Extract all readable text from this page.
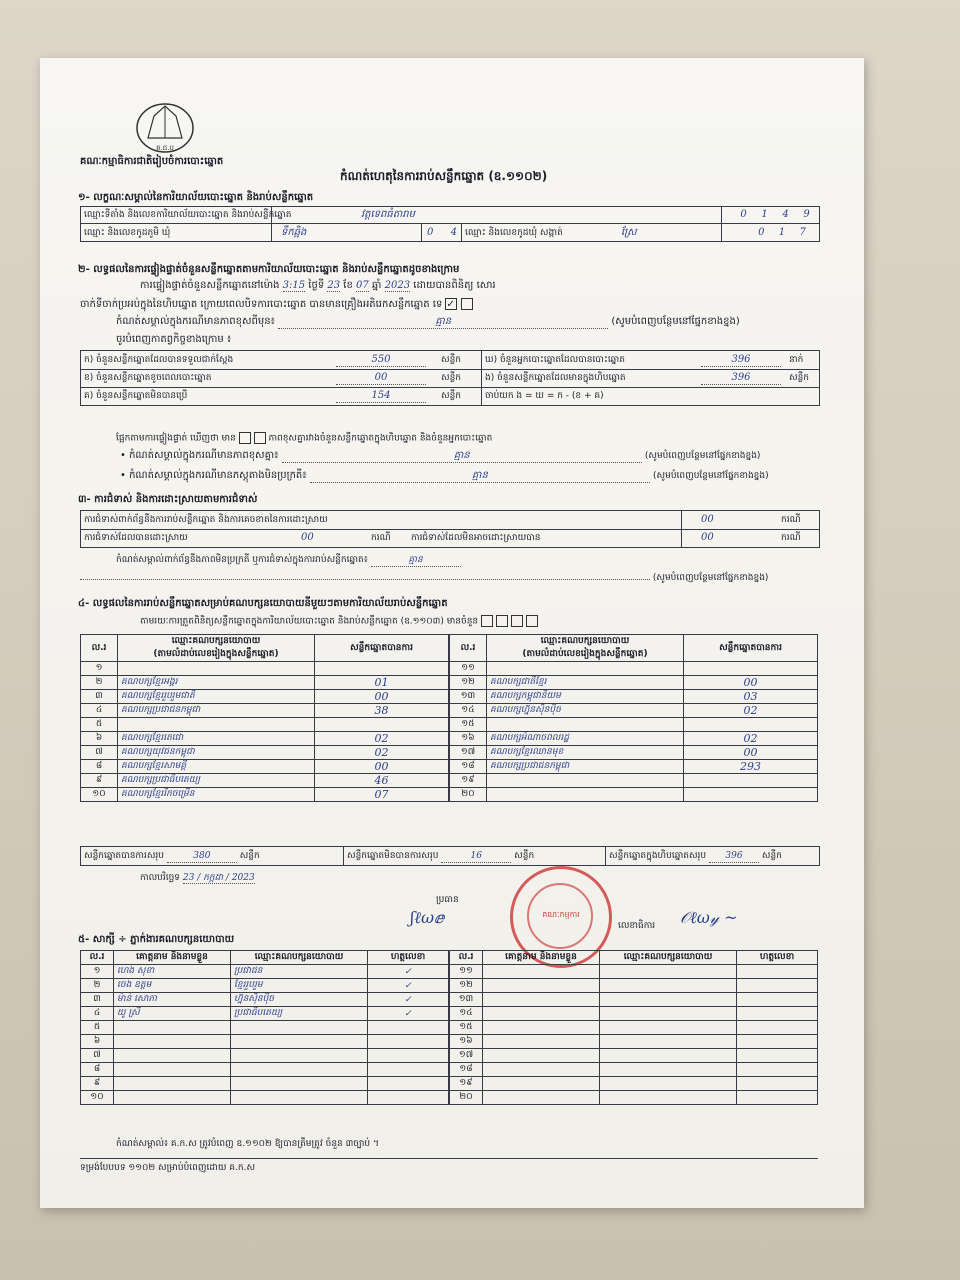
គ.ជ.ប
គណៈកម្មាធិការជាតិរៀបចំការបោះឆ្នោត
កំណត់ហេតុនៃការរាប់សន្លឹកឆ្នោត (ឧ.១១០២)
១- លក្ខណៈសម្គាល់នៃការិយាល័យបោះឆ្នោត និងរាប់សន្លឹកឆ្នោត
ឈ្មោះទីតាំង និងលេខការិយាល័យបោះឆ្នោត និងរាប់សន្លឹកឆ្នោត	វត្តទេពធំតារាម	0 1 4 9
ឈ្មោះ និងលេខកូដភូមិ ឃុំ	ទឹកឆ្អិង	0 4 ឈ្មោះ និងលេខកូដឃុំ សង្កាត់	ស្រែ	0 1 7
២- លទ្ធផលនៃការផ្ទៀងផ្ទាត់ចំនួនសន្លឹកឆ្នោតតាមការិយាល័យបោះឆ្នោត និងរាប់សន្លឹកឆ្នោតដូចខាងក្រោម
ការផ្ទៀងផ្ទាត់ចំនួនសន្លឹកឆ្នោតនៅម៉ោង 3:15 ថ្ងៃទី 23 ខែ 07 ឆ្នាំ 2023 ដោយបានពិនិត្យ សោរ
ចាក់ទីចាក់ប្រអប់ក្នុងនៃហិបឆ្នោត ក្រោយពេលបិទការបោះឆ្នោត បានមានគ្រឿងអតិរេកសន្លឹកឆ្នោត ទេ ✓
កំណត់សម្គាល់ក្នុងករណីមានភាពខុសពីមុន៖	គ្មាន	(សូមបំពេញបន្ថែមនៅផ្នែកខាងខ្នង)
ចូរបំពេញកាតព្វកិច្ចខាងក្រោម ៖
ក) ចំនួនសន្លឹកឆ្នោតដែលបានទទួលជាក់ស្តែង	550	សន្លឹក	ឃ) ចំនួនអ្នកបោះឆ្នោតដែលបានបោះឆ្នោត	396	នាក់
ខ) ចំនួនសន្លឹកឆ្នោតខូចពេលបោះឆ្នោត	00	សន្លឹក	ង) ចំនួនសន្លឹកឆ្នោតដែលមានក្នុងហិបឆ្នោត	396	សន្លឹក
គ) ចំនួនសន្លឹកឆ្នោតមិនបានប្រើ	154	សន្លឹក	ចាប់យក ង = ឃ = ក - (ខ + គ)
ផ្អែកតាមការផ្ទៀងផ្ទាត់ ឃើញថា មាន	ភាពខុសគ្នារវាងចំនួនសន្លឹកឆ្នោតក្នុងហិបឆ្នោត និងចំនួនអ្នកបោះឆ្នោត
• កំណត់សម្គាល់ក្នុងករណីមានភាពខុសគ្នា៖	គ្មាន	(សូមបំពេញបន្ថែមនៅផ្នែកខាងខ្នង)
• កំណត់សម្គាល់ក្នុងករណីមានភស្តុតាងមិនប្រក្រតី៖	គ្មាន	(សូមបំពេញបន្ថែមនៅផ្នែកខាងខ្នង)
៣- ការជំទាស់ និងការដោះស្រាយតាមការជំទាស់
ការជំទាស់ពាក់ព័ន្ធនឹងការរាប់សន្លឹកឆ្នោត និងការគេចខាតនៃការដោះស្រាយ	00	ករណី
ការជំទាស់ដែលបានដោះស្រាយ	00	ករណី ការជំទាស់ដែលមិនអាចដោះស្រាយបាន	00	ករណី
កំណត់សម្គាល់ពាក់ព័ន្ធនឹងភាពមិនប្រក្រតី ឬការជំទាស់ក្នុងការរាប់សន្លឹកឆ្នោត៖	គ្មាន
(សូមបំពេញបន្ថែមនៅផ្នែកខាងខ្នង)
៤- លទ្ធផលនៃការរាប់សន្លឹកឆ្នោតសម្រាប់គណបក្សនយោបាយនីមួយៗតាមការិយាល័យរាប់សន្លឹកឆ្នោត
តាមរយៈការត្រួតពិនិត្យសន្លឹកឆ្នោតក្នុងការិយាល័យបោះឆ្នោត និងរាប់សន្លឹកឆ្នោត (ឧ.១១០៣) មានចំនួន
ល.រ	ឈ្មោះគណបក្សនយោបាយ
(តាមលំដាប់លេខរៀងក្នុងសន្លឹកឆ្នោត)	សន្លឹកឆ្នោតបានការ
១		
២	គណបក្សខ្មែរអង្គរ	01
៣	គណបក្សខ្មែររួបរួមជាតិ	00
៤	គណបក្សប្រជាជនកម្ពុជា	38
៥		
៦	គណបក្សខ្មែរតេជោ	02
៧	គណបក្សយុវជនកម្ពុជា	02
៨	គណបក្សខ្មែរសាមគ្គី	00
៩	គណបក្សប្រជាធិបតេយ្យ	46
១០	គណបក្សខ្មែររីកចម្រើន	07
ល.រ	ឈ្មោះគណបក្សនយោបាយ
(តាមលំដាប់លេខរៀងក្នុងសន្លឹកឆ្នោត)	សន្លឹកឆ្នោតបានការ
១១		
១២	គណបក្សជាតិខ្មែរ	00
១៣	គណបក្សកម្ពុជានិយម	03
១៤	គណបក្សហ្វ៊ុនស៊ិនប៉ិច	02
១៥		
១៦	គណបក្សអំណាចពលរដ្ឋ	02
១៧	គណបក្សខ្មែរឈានមុខ	00
១៨	គណបក្សប្រជាជនកម្ពុជា	293
១៩		
២០		
សន្លឹកឆ្នោតបានការសរុប	380	សន្លឹក	សន្លឹកឆ្នោតមិនបានការសរុប	16	សន្លឹក	សន្លឹកឆ្នោតក្នុងហិបឆ្នោតសរុប 396 សន្លឹក
កាលបរិច្ឆេទ 23 / កក្កដា / 2023
ប្រធាន
ʃℓωⅇ	លេខាធិការ 𝒪ℓω𝓎 ~
គណៈកម្មការ
៥- សាក្សី ÷ ភ្នាក់ងារគណបក្សនយោបាយ
ល.រ	គោត្តនាម និងនាមខ្លួន	ឈ្មោះគណបក្សនយោបាយ	ហត្ថលេខា
១	ហេង សុខា	ប្រជាជន	✓
២	ចេង ឧត្តម	ខ្មែររួបរួម	✓
៣	ម៉ាន់ សោភា	ហ្វ៊ុនស៊ិនប៉ិច	✓
៤	យូ ស្រី	ប្រជាធិបតេយ្យ	✓
៥			
៦			
៧			
៨			
៩			
១០			
ល.រ	គោត្តនាម និងនាមខ្លួន	ឈ្មោះគណបក្សនយោបាយ	ហត្ថលេខា
១១			
១២			
១៣			
១៤			
១៥			
១៦			
១៧			
១៨			
១៩			
២០			
កំណត់សម្គាល់៖ គ.ក.ស ត្រូវបំពេញ ឧ.១១០២ ឱ្យបានត្រឹមត្រូវ ចំនួន ៣ច្បាប់ ។
ទម្រង់បែបបទ ១១០២ សម្រាប់បំពេញដោយ គ.ក.ស
